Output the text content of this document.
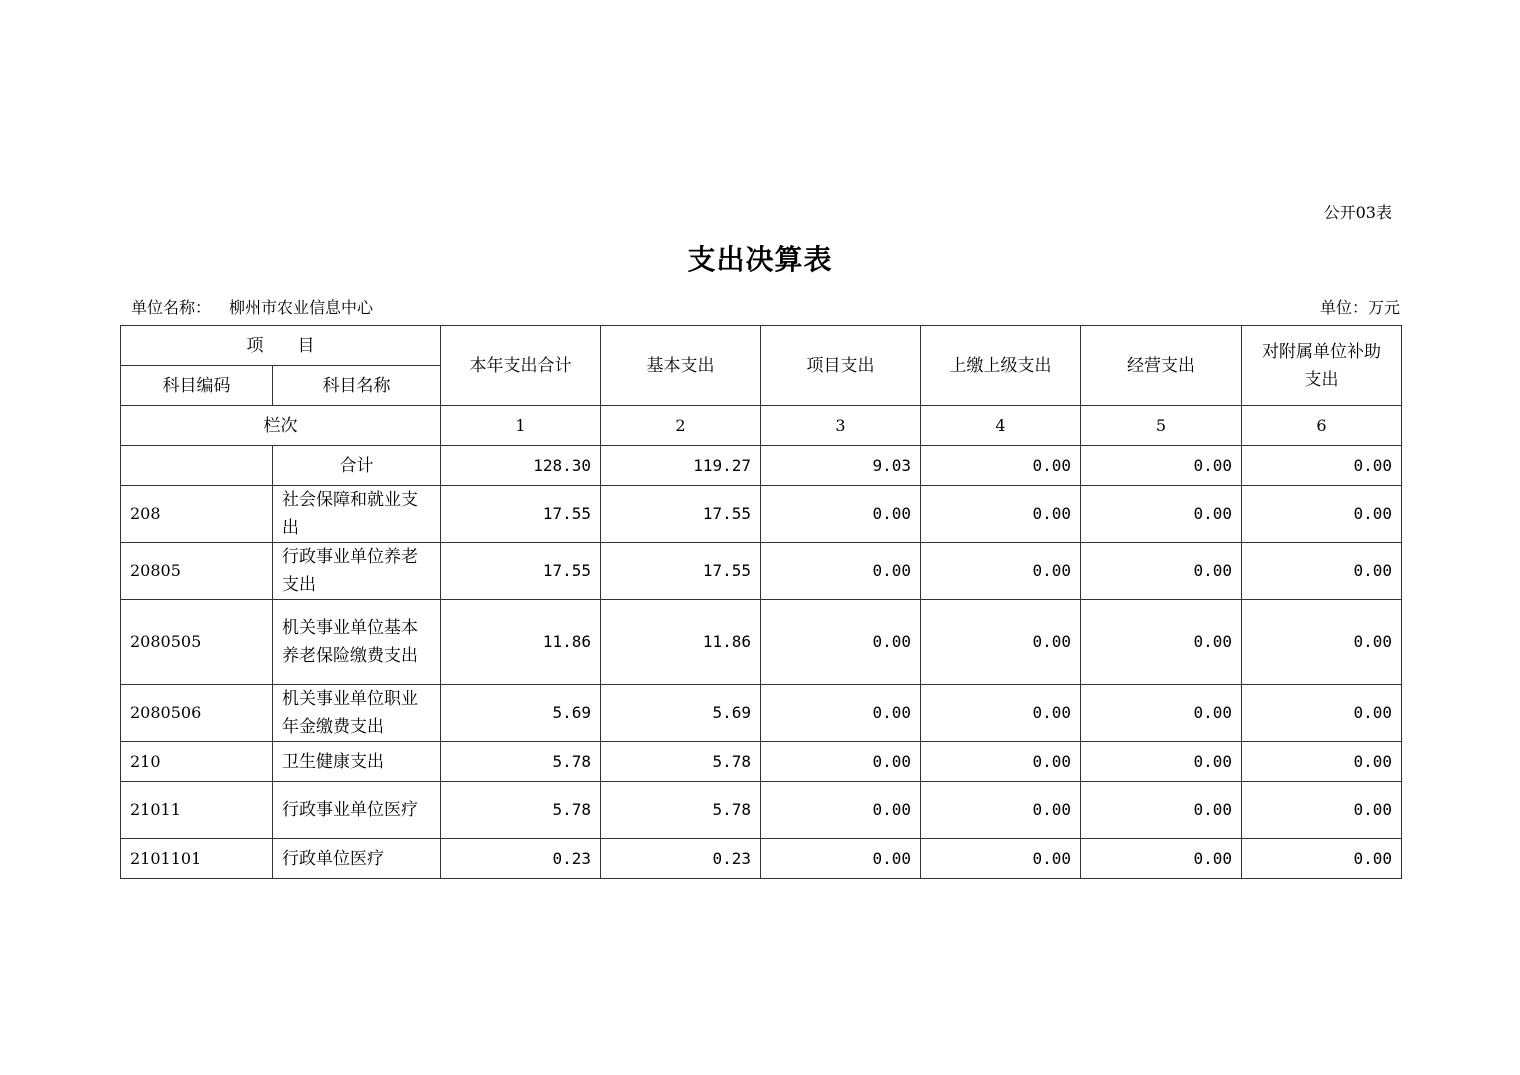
公开03表
支出决算表
单位名称： 柳州市农业信息中心	单位：万元
项　　目		本年支出合计	基本支出	项目支出	上缴上级支出	经营支出	对附属单位补助支出
科目编码	科目名称						
栏次		1	2	3	4	5	6
	合计	128.30	119.27	9.03	0.00	0.00	0.00
208	社会保障和就业支出	17.55	17.55	0.00	0.00	0.00	0.00
20805	行政事业单位养老支出	17.55	17.55	0.00	0.00	0.00	0.00
2080505	机关事业单位基本养老保险缴费支出	11.86	11.86	0.00	0.00	0.00	0.00
2080506	机关事业单位职业年金缴费支出	5.69	5.69	0.00	0.00	0.00	0.00
210	卫生健康支出	5.78	5.78	0.00	0.00	0.00	0.00
21011	行政事业单位医疗	5.78	5.78	0.00	0.00	0.00	0.00
2101101	行政单位医疗	0.23	0.23	0.00	0.00	0.00	0.00
